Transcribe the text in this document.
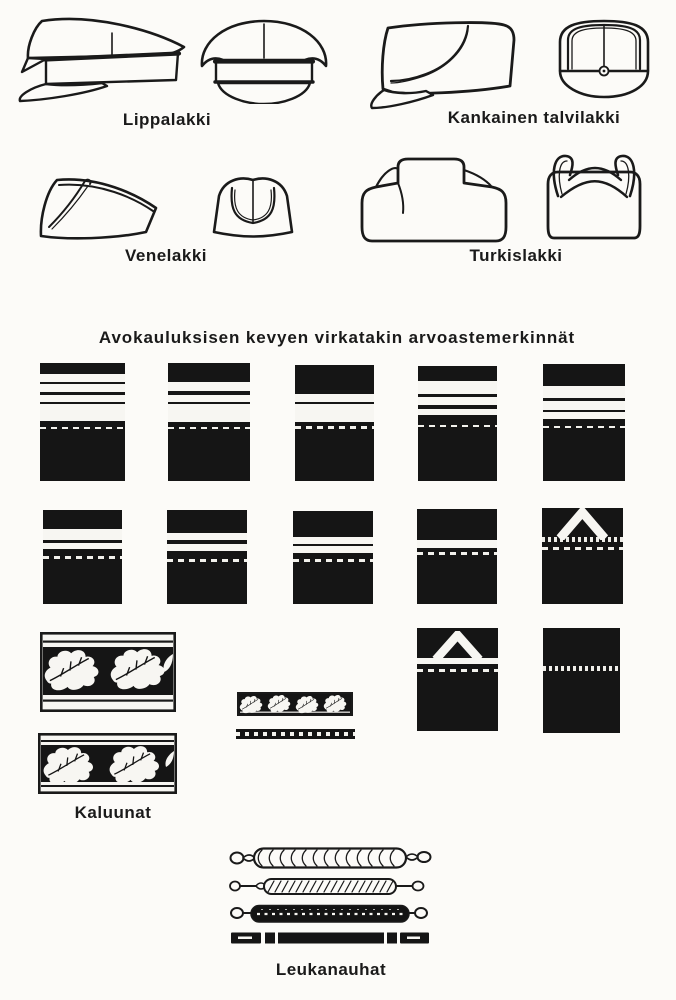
Lippalakki	Kankainen talvilakki
Venelakki	Turkislakki
Avokauluksisen kevyen virkatakin arvoastemerkinnät
Kaluunat
Leukanauhat
